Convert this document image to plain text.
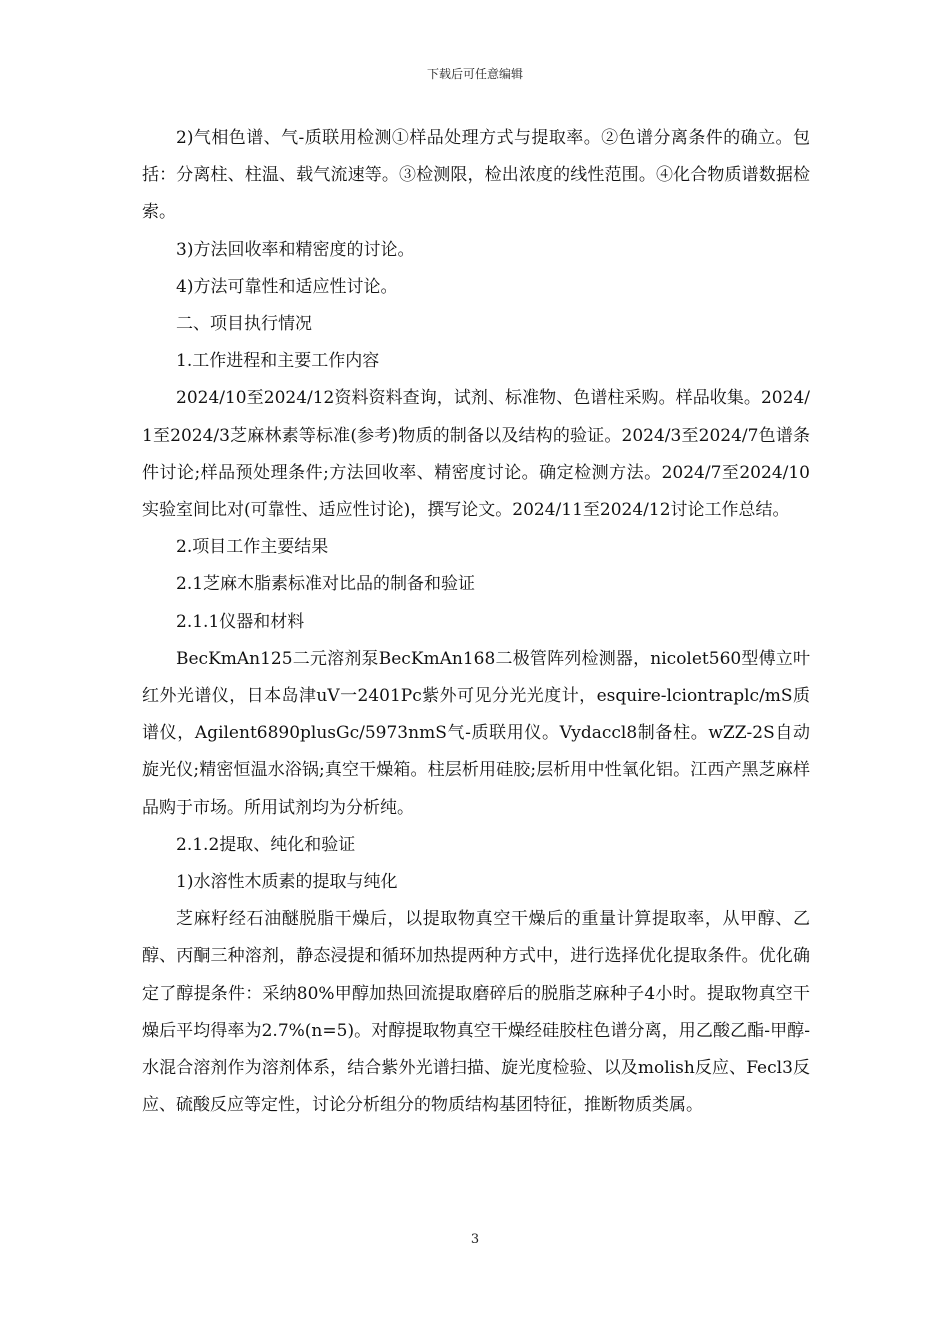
下载后可任意编辑

2)气相色谱、气-质联用检测①样品处理方式与提取率。②色谱分离条件的确立。包括：分离柱、柱温、载气流速等。③检测限，检出浓度的线性范围。④化合物质谱数据检索。

3)方法回收率和精密度的讨论。

4)方法可靠性和适应性讨论。

二、项目执行情况

1.工作进程和主要工作内容

2024/10至2024/12资料资料查询，试剂、标准物、色谱柱采购。样品收集。2024/1至2024/3芝麻林素等标准(参考)物质的制备以及结构的验证。2024/3至2024/7色谱条件讨论;样品预处理条件;方法回收率、精密度讨论。确定检测方法。2024/7至2024/10实验室间比对(可靠性、适应性讨论)，撰写论文。2024/11至2024/12讨论工作总结。

2.项目工作主要结果

2.1芝麻木脂素标准对比品的制备和验证

2.1.1仪器和材料

BecKmAn125二元溶剂泵BecKmAn168二极管阵列检测器，nicolet560型傅立叶红外光谱仪，日本岛津uV一2401Pc紫外可见分光光度计，esquire-lciontraplc/mS质谱仪，Agilent6890plusGc/5973nmS气-质联用仪。Vydaccl8制备柱。wZZ-2S自动旋光仪;精密恒温水浴锅;真空干燥箱。柱层析用硅胶;层析用中性氧化铝。江西产黑芝麻样品购于市场。所用试剂均为分析纯。

2.1.2提取、纯化和验证

1)水溶性木质素的提取与纯化

芝麻籽经石油醚脱脂干燥后，以提取物真空干燥后的重量计算提取率，从甲醇、乙醇、丙酮三种溶剂，静态浸提和循环加热提两种方式中，进行选择优化提取条件。优化确定了醇提条件：采纳80%甲醇加热回流提取磨碎后的脱脂芝麻种子4小时。提取物真空干燥后平均得率为2.7%(n=5)。对醇提取物真空干燥经硅胶柱色谱分离，用乙酸乙酯-甲醇-水混合溶剂作为溶剂体系，结合紫外光谱扫描、旋光度检验、以及molish反应、Fecl3反应、硫酸反应等定性，讨论分析组分的物质结构基团特征，推断物质类属。

3
